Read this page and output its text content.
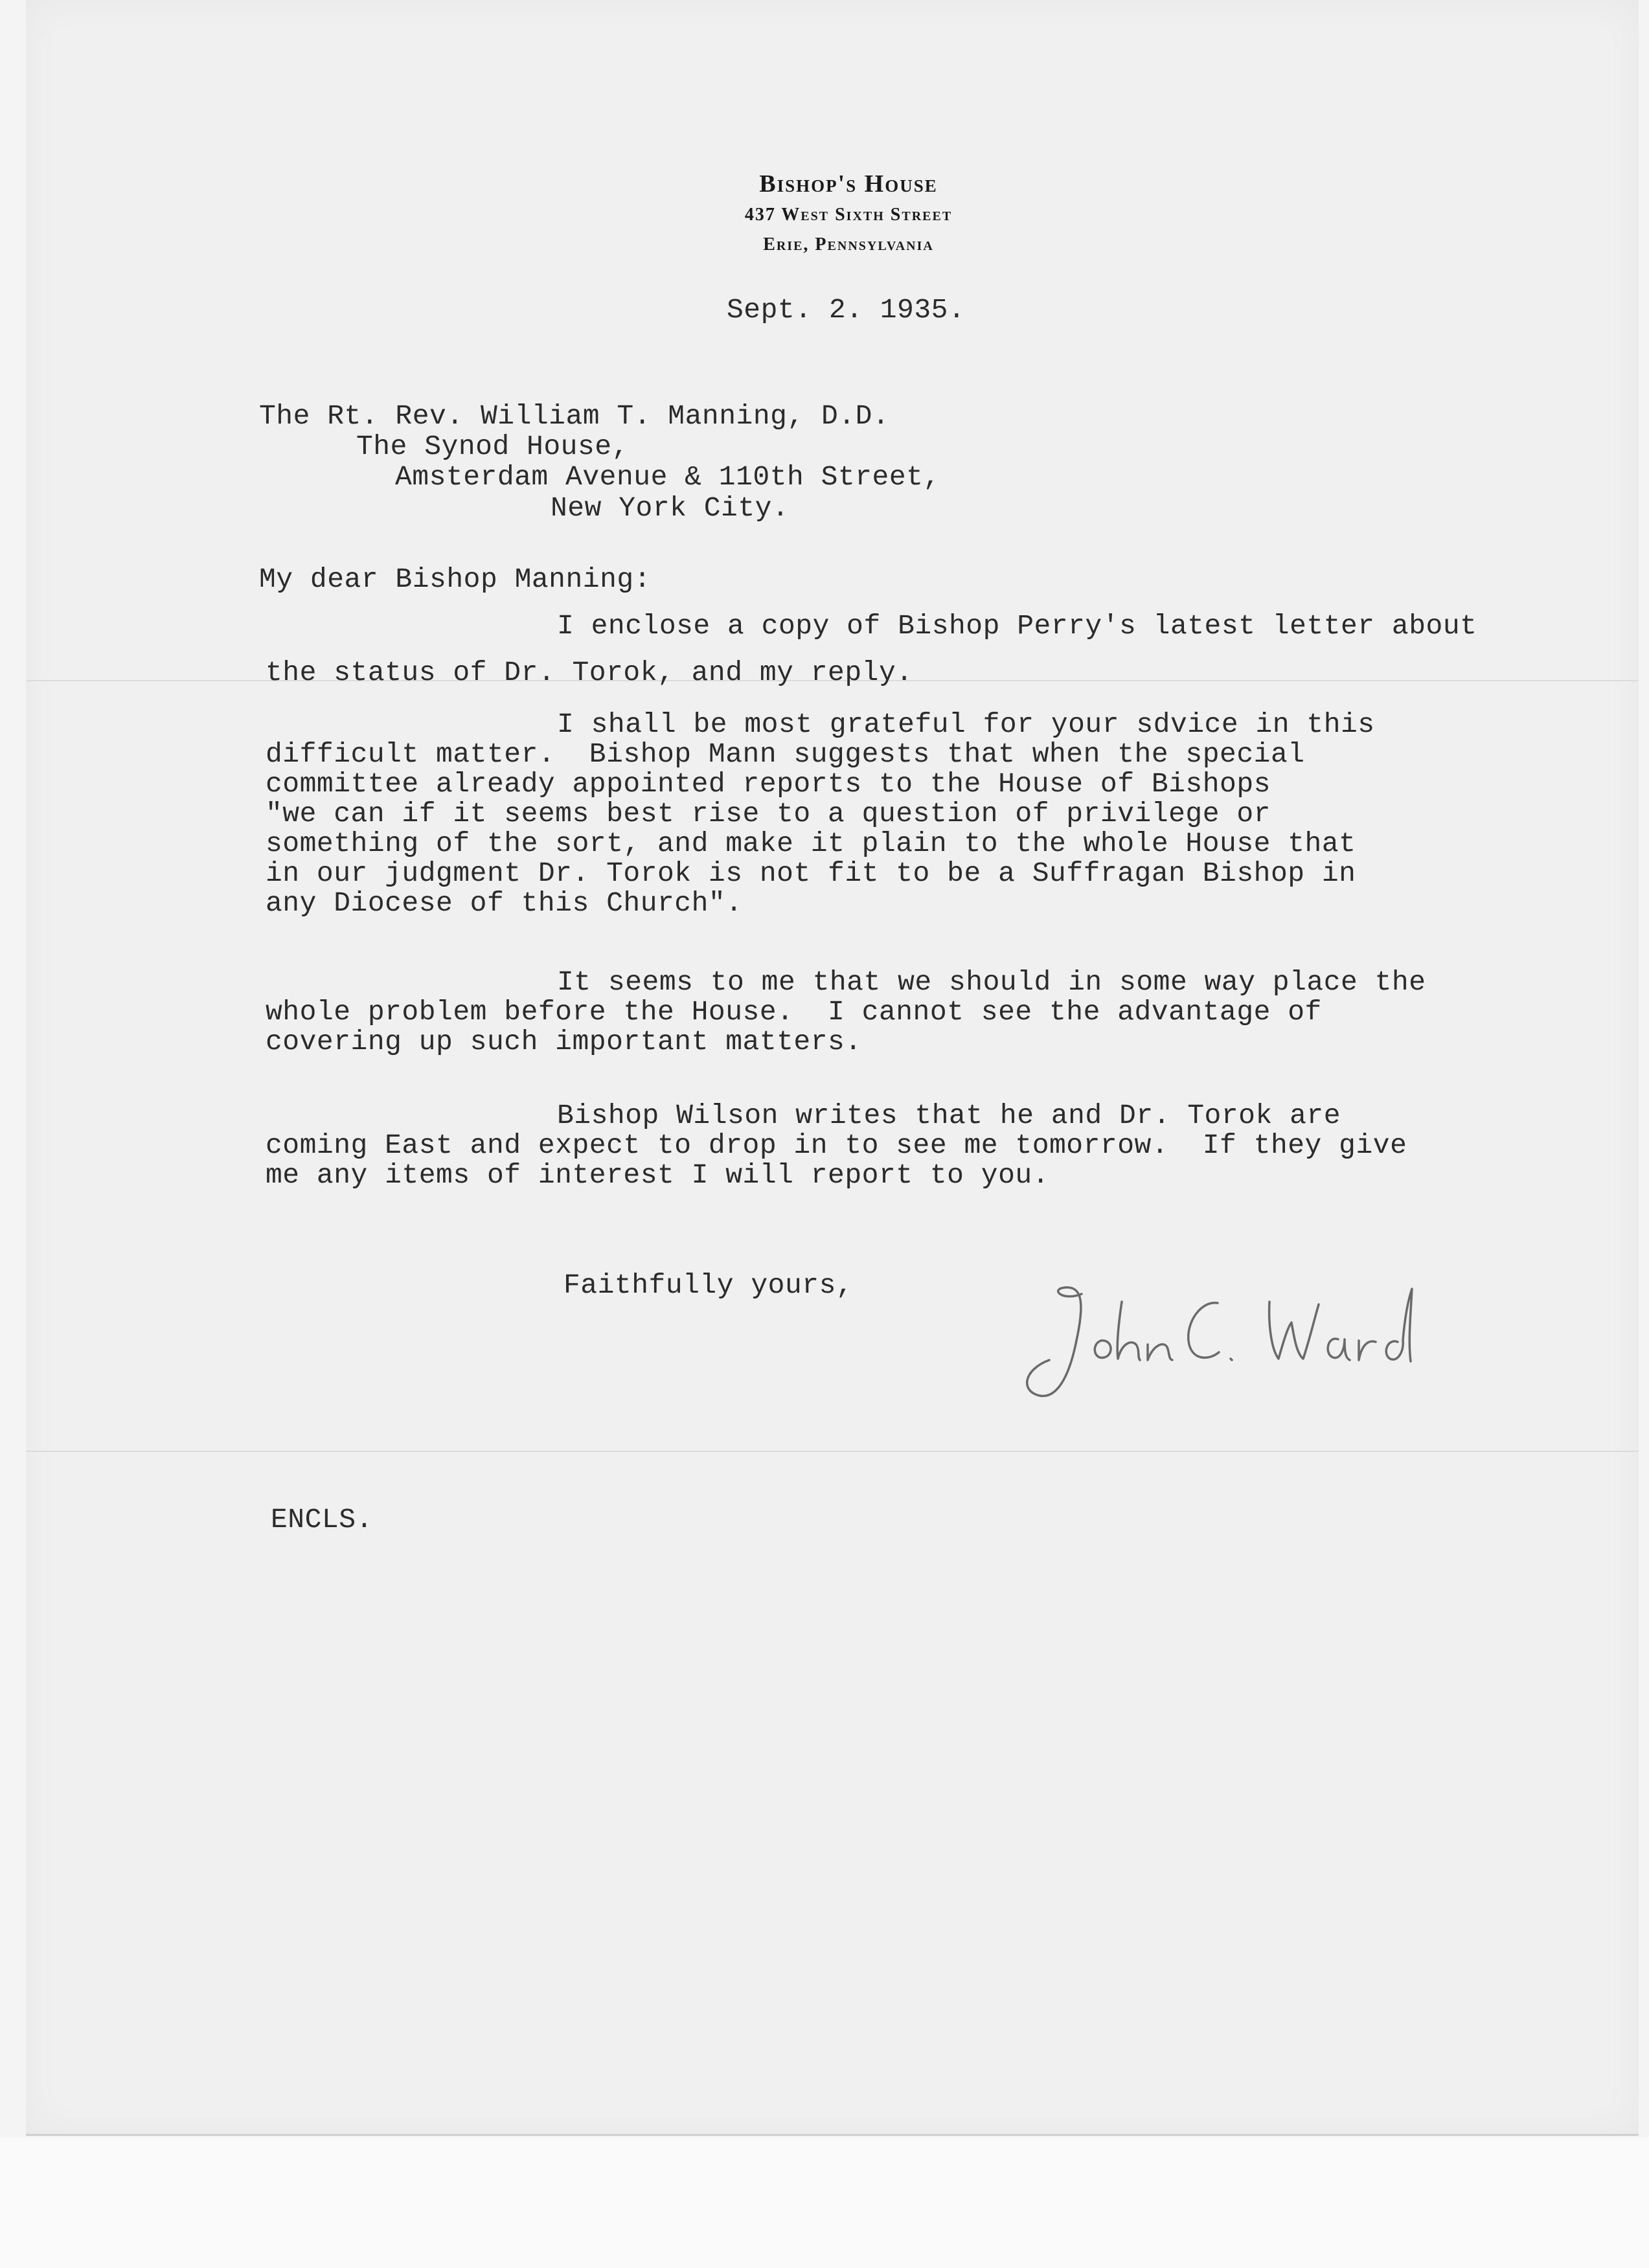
Bishop's House
437 West Sixth Street
Erie, Pennsylvania
Sept. 2. 1935.
The Rt. Rev. William T. Manning, D.D.
The Synod House,
Amsterdam Avenue & 110th Street,
New York City.
My dear Bishop Manning:
I enclose a copy of Bishop Perry's latest letter about
the status of Dr. Torok, and my reply.
I shall be most grateful for your sdvice in this
difficult matter.  Bishop Mann suggests that when the special
committee already appointed reports to the House of Bishops
"we can if it seems best rise to a question of privilege or
something of the sort, and make it plain to the whole House that
in our judgment Dr. Torok is not fit to be a Suffragan Bishop in
any Diocese of this Church".
It seems to me that we should in some way place the
whole problem before the House.  I cannot see the advantage of
covering up such important matters.
Bishop Wilson writes that he and Dr. Torok are
coming East and expect to drop in to see me tomorrow.  If they give
me any items of interest I will report to you.
Faithfully yours,
ENCLS.
